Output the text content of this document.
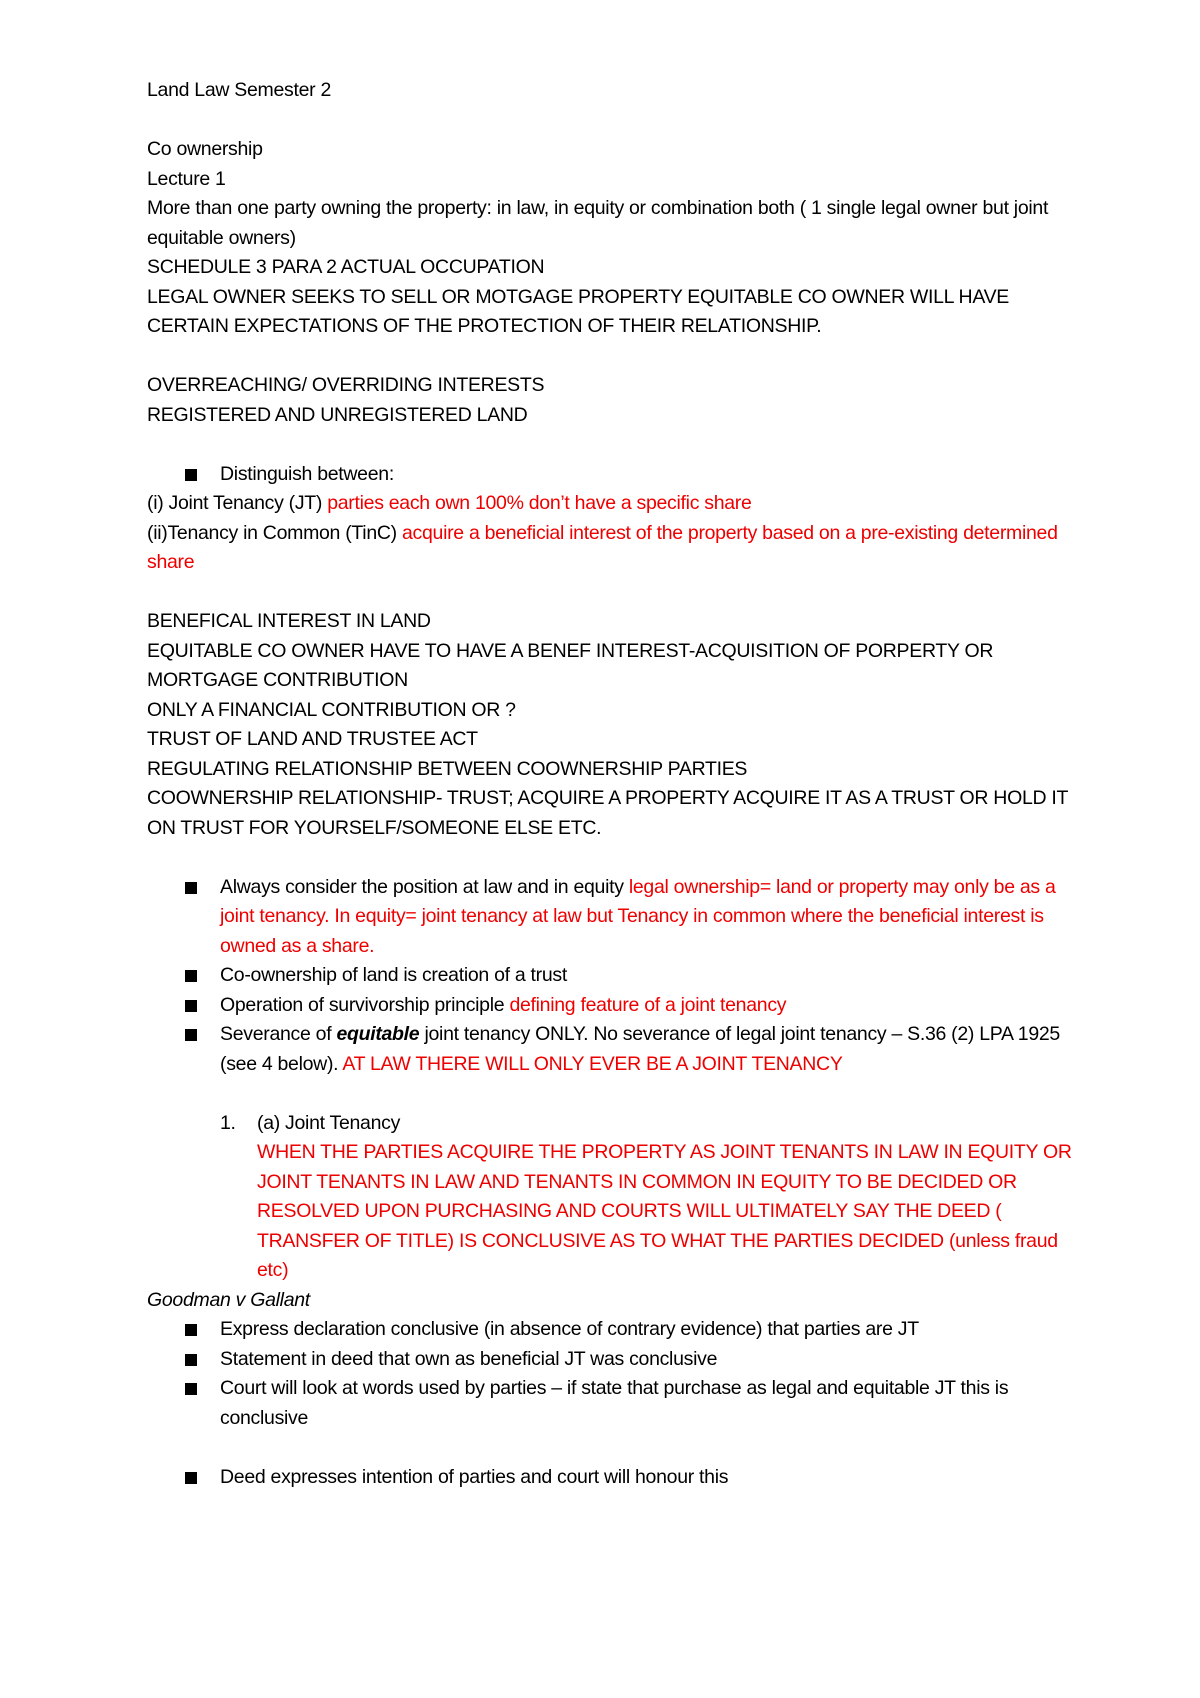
Land Law Semester 2

Co ownership

Lecture 1

More than one party owning the property: in law, in equity or combination both ( 1 single legal owner but joint equitable owners)

SCHEDULE 3 PARA 2 ACTUAL OCCUPATION

LEGAL OWNER SEEKS TO SELL OR MOTGAGE PROPERTY EQUITABLE CO OWNER WILL HAVE CERTAIN EXPECTATIONS OF THE PROTECTION OF THEIR RELATIONSHIP.

OVERREACHING/ OVERRIDING INTERESTS

REGISTERED AND UNREGISTERED LAND

Distinguish between:

(i) Joint Tenancy (JT) parties each own 100% don’t have a specific share

(ii)Tenancy in Common (TinC) acquire a beneficial interest of the property based on a pre-existing determined share

BENEFICAL INTEREST IN LAND

EQUITABLE CO OWNER HAVE TO HAVE A BENEF INTEREST-ACQUISITION OF PORPERTY OR MORTGAGE CONTRIBUTION

ONLY A FINANCIAL CONTRIBUTION OR ?

TRUST OF LAND AND TRUSTEE ACT

REGULATING RELATIONSHIP BETWEEN COOWNERSHIP PARTIES

COOWNERSHIP RELATIONSHIP- TRUST; ACQUIRE A PROPERTY ACQUIRE IT AS A TRUST OR HOLD IT ON TRUST FOR YOURSELF/SOMEONE ELSE ETC.

Always consider the position at law and in equity legal ownership= land or property may only be as a joint tenancy. In equity= joint tenancy at law but Tenancy in common where the beneficial interest is owned as a share.
Co-ownership of land is creation of a trust
Operation of survivorship principle defining feature of a joint tenancy
Severance of equitable joint tenancy ONLY. No severance of legal joint tenancy – S.36 (2) LPA 1925 (see 4 below). AT LAW THERE WILL ONLY EVER BE A JOINT TENANCY
1. (a) Joint Tenancy

WHEN THE PARTIES ACQUIRE THE PROPERTY AS JOINT TENANTS IN LAW IN EQUITY OR JOINT TENANTS IN LAW AND TENANTS IN COMMON IN EQUITY TO BE DECIDED OR RESOLVED UPON PURCHASING AND COURTS WILL ULTIMATELY SAY THE DEED ( TRANSFER OF TITLE) IS CONCLUSIVE AS TO WHAT THE PARTIES DECIDED (unless fraud etc)

Goodman v Gallant

Express declaration conclusive (in absence of contrary evidence) that parties are JT
Statement in deed that own as beneficial JT was conclusive
Court will look at words used by parties – if state that purchase as legal and equitable JT this is conclusive
Deed expresses intention of parties and court will honour this
